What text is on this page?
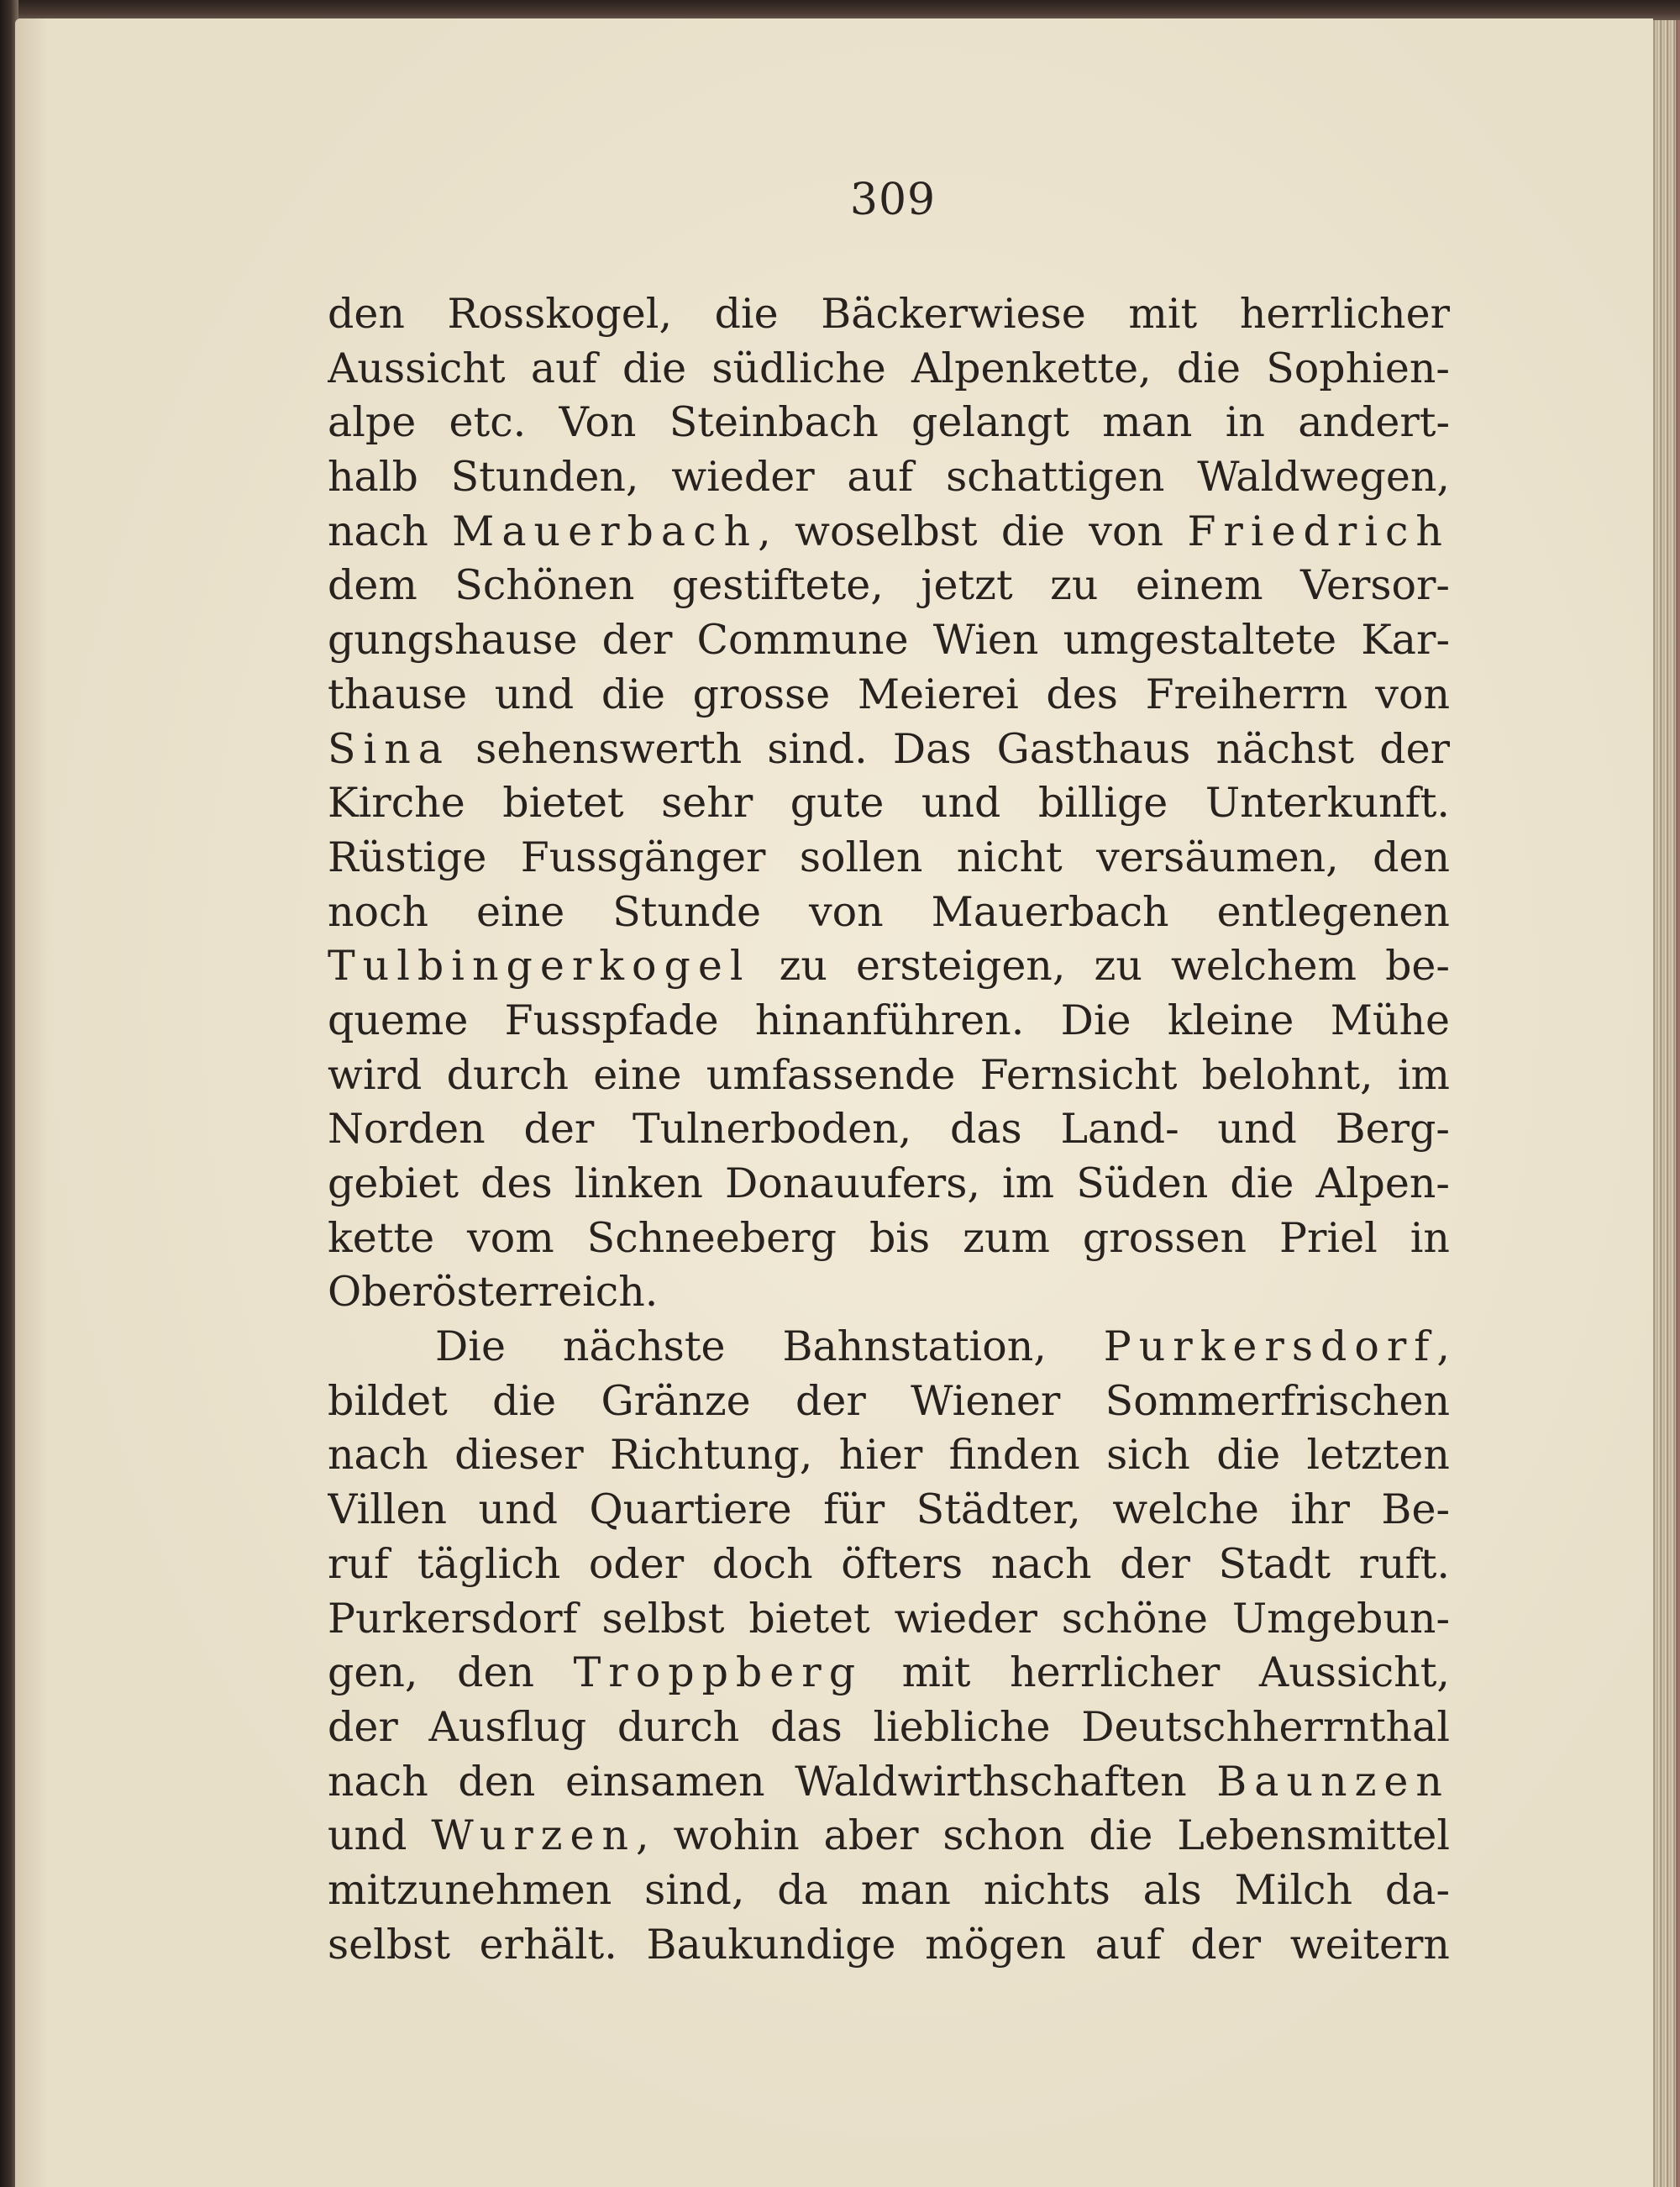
309
den Rosskogel, die Bäckerwiese mit herrlicher
Aussicht auf die südliche Alpenkette, die Sophien-
alpe etc. Von Steinbach gelangt man in andert-
halb Stunden, wieder auf schattigen Waldwegen,
nach Mauerbach, woselbst die von Friedrich
dem Schönen gestiftete, jetzt zu einem Versor-
gungshause der Commune Wien umgestaltete Kar-
thause und die grosse Meierei des Freiherrn von
Sina sehenswerth sind. Das Gasthaus nächst der
Kirche bietet sehr gute und billige Unterkunft.
Rüstige Fussgänger sollen nicht versäumen, den
noch eine Stunde von Mauerbach entlegenen
Tulbingerkogel zu ersteigen, zu welchem be-
queme Fusspfade hinanführen. Die kleine Mühe
wird durch eine umfassende Fernsicht belohnt, im
Norden der Tulnerboden, das Land- und Berg-
gebiet des linken Donauufers, im Süden die Alpen-
kette vom Schneeberg bis zum grossen Priel in
Oberösterreich.
Die nächste Bahnstation, Purkersdorf,
bildet die Gränze der Wiener Sommerfrischen
nach dieser Richtung, hier finden sich die letzten
Villen und Quartiere für Städter, welche ihr Be-
ruf täglich oder doch öfters nach der Stadt ruft.
Purkersdorf selbst bietet wieder schöne Umgebun-
gen, den Troppberg mit herrlicher Aussicht,
der Ausflug durch das liebliche Deutschherrnthal
nach den einsamen Waldwirthschaften Baunzen
und Wurzen, wohin aber schon die Lebensmittel
mitzunehmen sind, da man nichts als Milch da-
selbst erhält. Baukundige mögen auf der weitern
